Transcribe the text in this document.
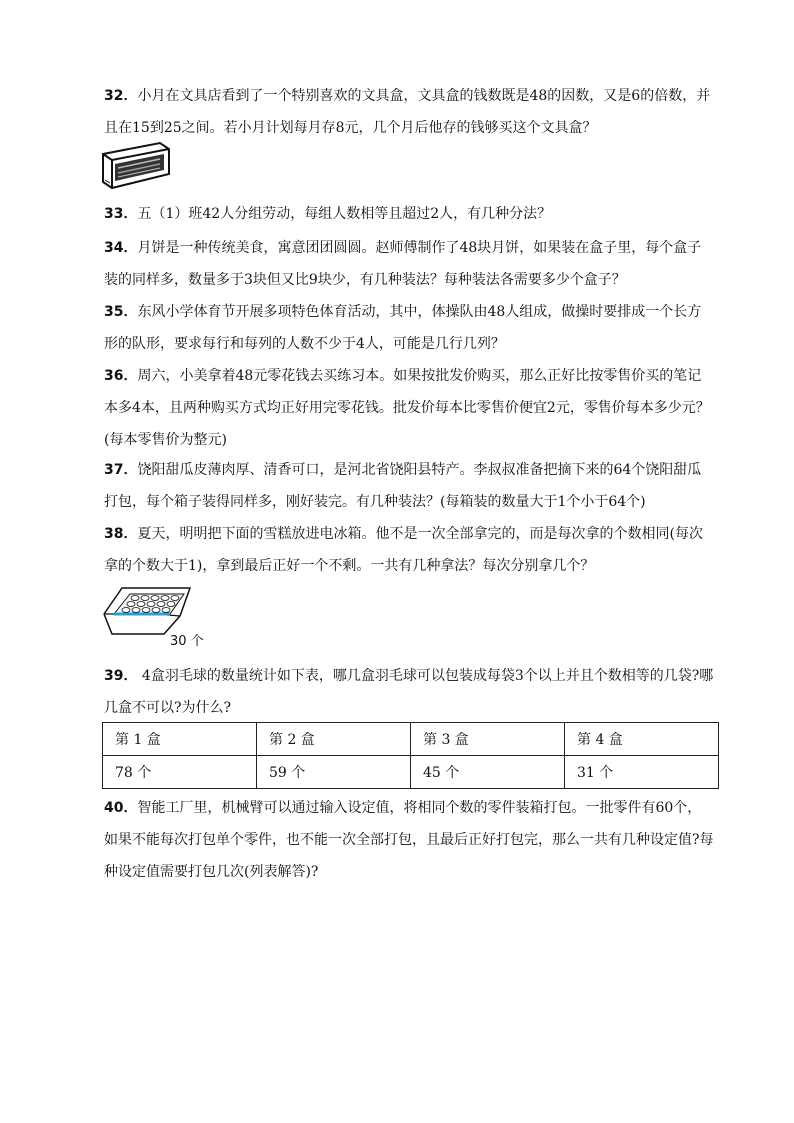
32．小月在文具店看到了一个特别喜欢的文具盒，文具盒的钱数既是48的因数，又是6的倍数，并且在15到25之间。若小月计划每月存8元，几个月后他存的钱够买这个文具盒？

33．五（1）班42人分组劳动，每组人数相等且超过2人，有几种分法？

34．月饼是一种传统美食，寓意团团圆圆。赵师傅制作了48块月饼，如果装在盒子里，每个盒子装的同样多，数量多于3块但又比9块少，有几种装法？每种装法各需要多少个盒子？

35．东风小学体育节开展多项特色体育活动，其中，体操队由48人组成，做操时要排成一个长方形的队形，要求每行和每列的人数不少于4人，可能是几行几列？

36．周六，小美拿着48元零花钱去买练习本。如果按批发价购买，那么正好比按零售价买的笔记本多4本，且两种购买方式均正好用完零花钱。批发价每本比零售价便宜2元，零售价每本多少元？(每本零售价为整元)

37．饶阳甜瓜皮薄肉厚、清香可口，是河北省饶阳县特产。李叔叔准备把摘下来的64个饶阳甜瓜打包，每个箱子装得同样多，刚好装完。有几种装法？(每箱装的数量大于1个小于64个)

38．夏天，明明把下面的雪糕放进电冰箱。他不是一次全部拿完的，而是每次拿的个数相同(每次拿的个数大于1)，拿到最后正好一个不剩。一共有几种拿法？每次分别拿几个？

30 个

39． 4盒羽毛球的数量统计如下表，哪几盒羽毛球可以包装成每袋3个以上并且个数相等的几袋?哪几盒不可以?为什么?

第 1 盒	第 2 盒	第 3 盒	第 4 盒
78 个	59 个	45 个	31 个

40．智能工厂里，机械臂可以通过输入设定值，将相同个数的零件装箱打包。一批零件有60个，如果不能每次打包单个零件，也不能一次全部打包，且最后正好打包完，那么一共有几种设定值?每种设定值需要打包几次(列表解答)?
